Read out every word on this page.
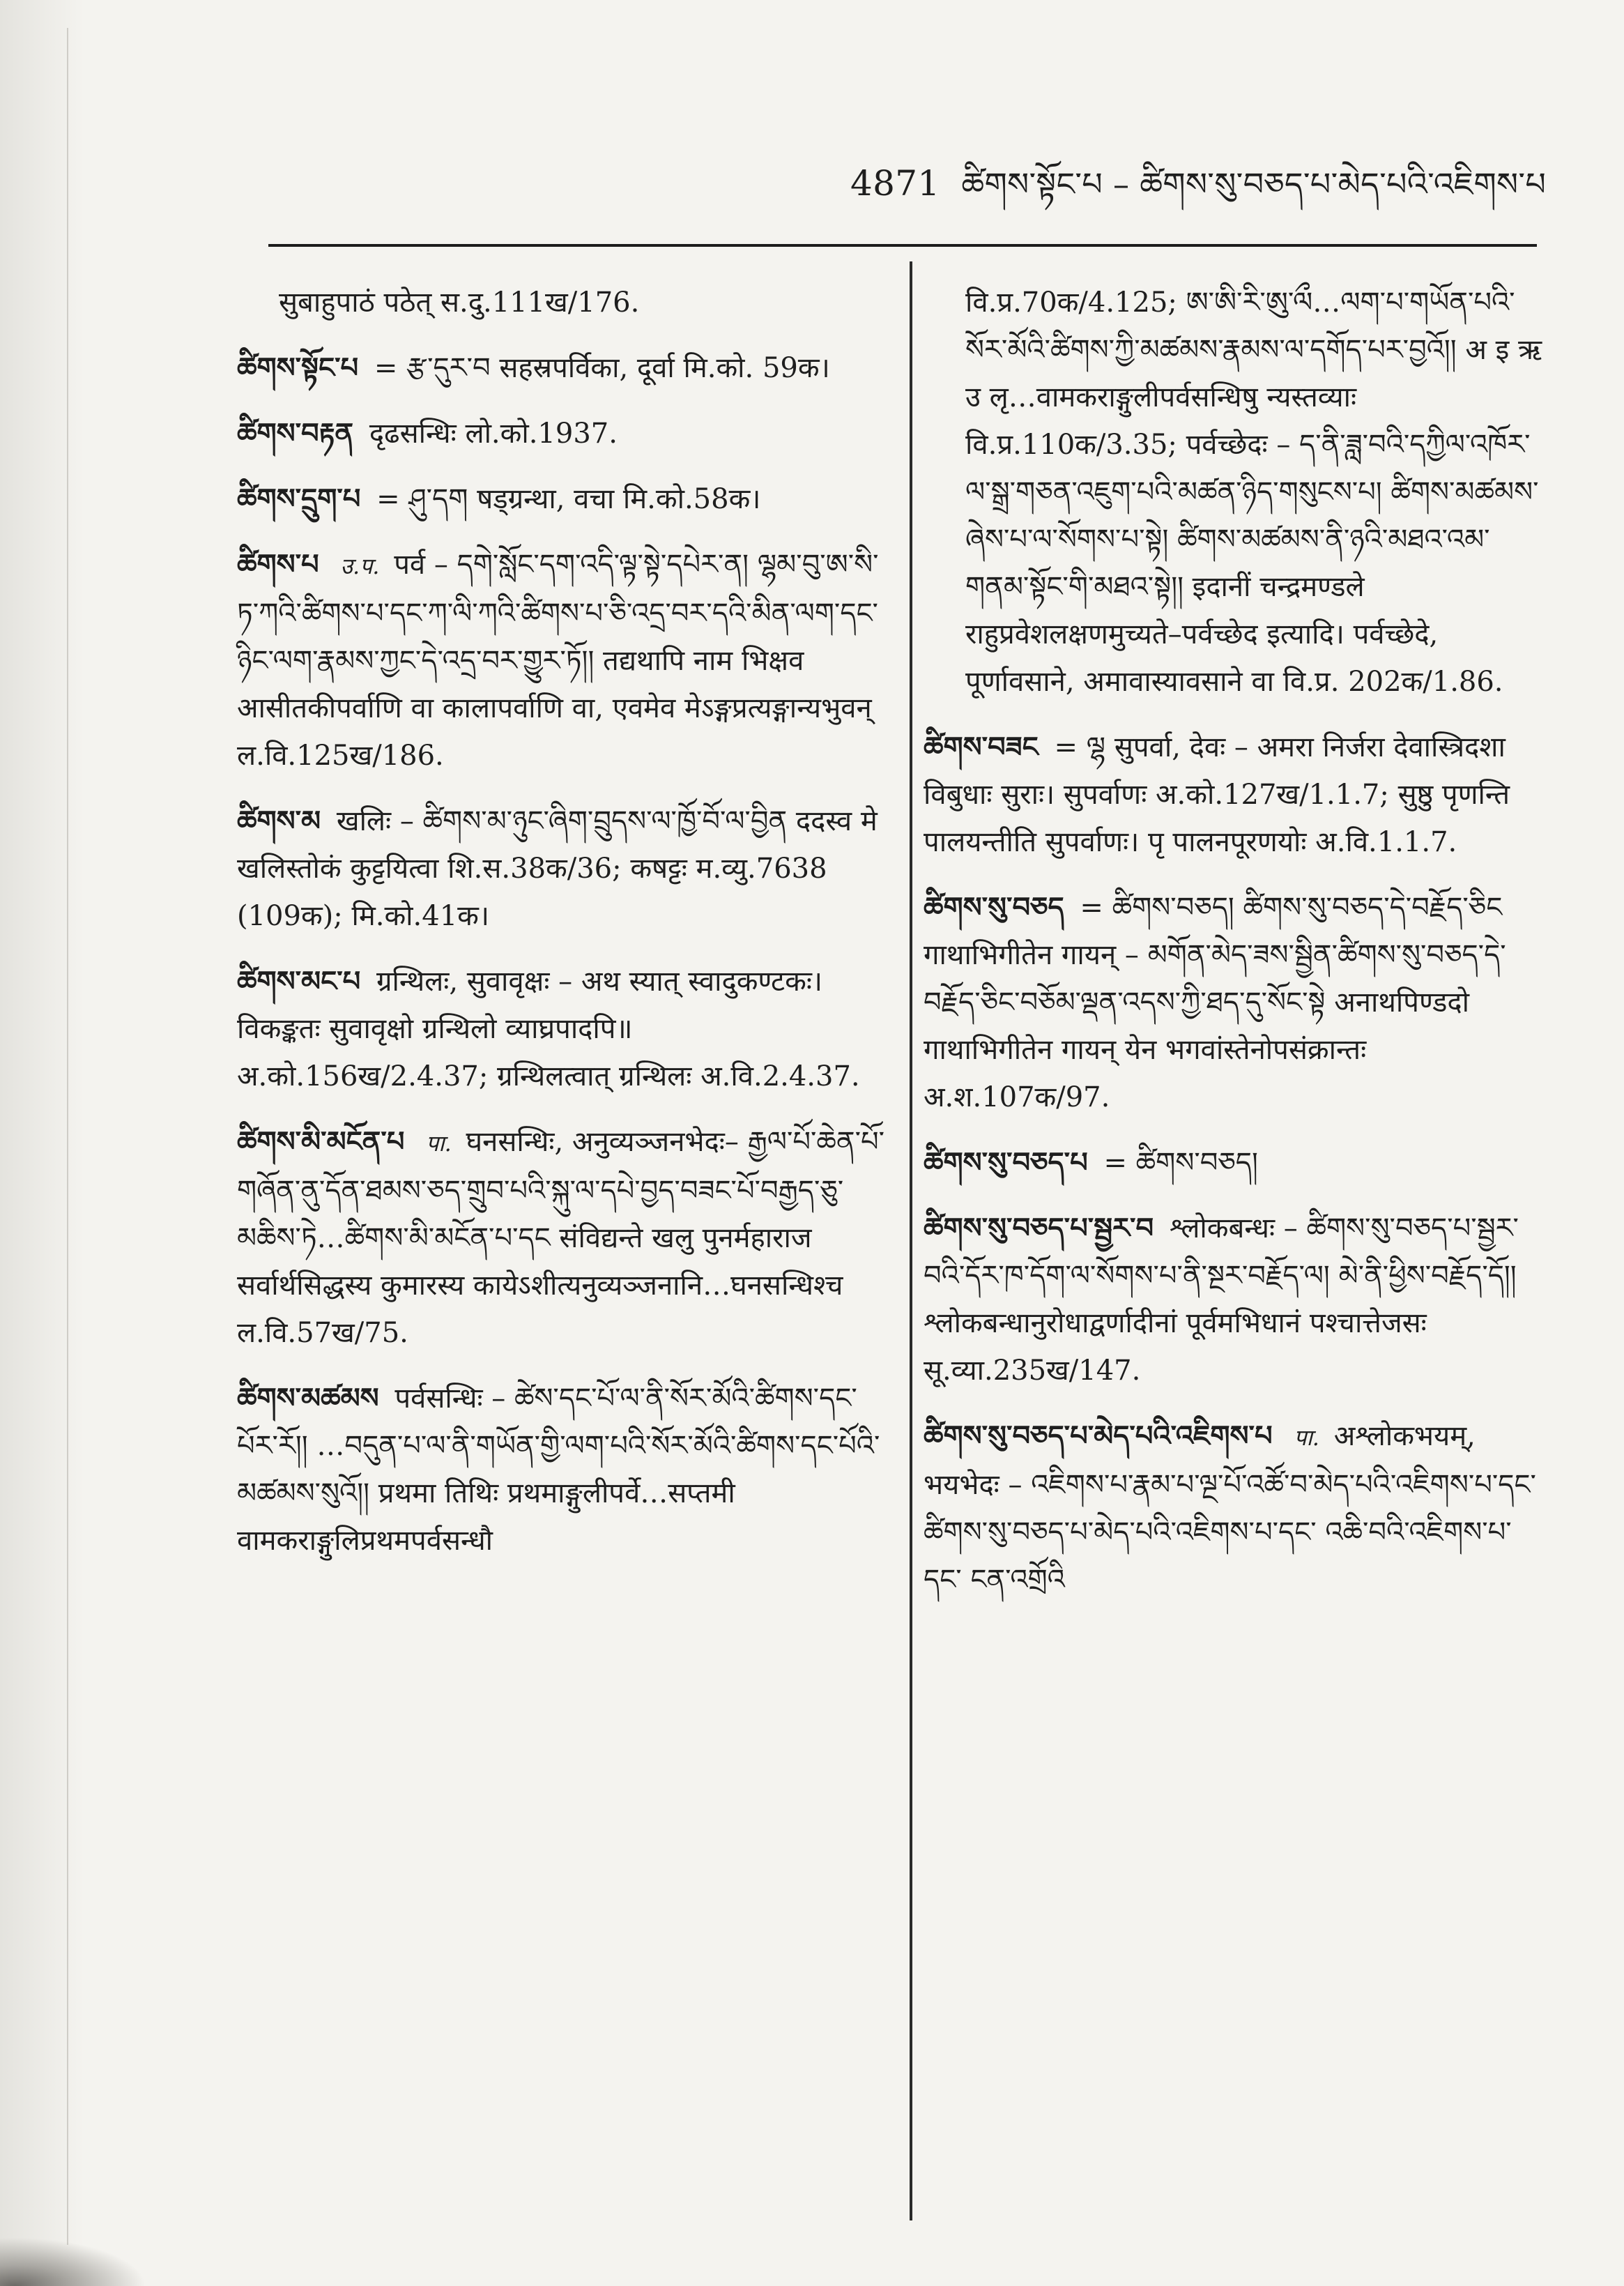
4871 ཚིགས་སྟོང་པ – ཚིགས་སུ་བཅད་པ་མེད་པའི་འཇིགས་པ
सुबाहुपाठं पठेत् स.दु.111ख/176.
ཚིགས་སྟོང་པ = རྩ་དུར་བ सहस्रपर्विका, दूर्वा मि.को. 59क।
ཚིགས་བརྟན दृढसन्धिः लो.को.1937.
ཚིགས་དྲུག་པ = ཤུ་དག षड्ग्रन्था, वचा मि.को.58क।
ཚིགས་པ उ.प. पर्व – དགེ་སློང་དག་འདི་ལྟ་སྟེ་དཔེར་ན། ལྷམ་བུ་ཨ་སི་ཏ་ཀའི་ཚིགས་པ་དང་ཀ་ལི་ཀའི་ཚིགས་པ་ཅི་འདྲ་བར་དའི་མིན་ལག་དང་ཉིང་ལག་རྣམས་ཀྱང་དེ་འདྲ་བར་གྱུར་ཏོ།། तद्यथापि नाम भिक्षव आसीतकीपर्वाणि वा कालापर्वाणि वा, एवमेव मेऽङ्गप्रत्यङ्गान्यभुवन् ल.वि.125ख/186.
ཚིགས་མ खलिः – ཚིགས་མ་ཉུང་ཞིག་བྲུདས་ལ་ཁྱོ་བོ་ལ་བྱིན ददस्व मे खलिस्तोकं कुट्टयित्वा शि.स.38क/36; कषट्टः म.व्यु.7638 (109क); मि.को.41क।
ཚིགས་མང་པ ग्रन्थिलः, सुवावृक्षः – अथ स्यात् स्वादुकण्टकः। विकङ्कतः सुवावृक्षो ग्रन्थिलो व्याघ्रपादपि॥ अ.को.156ख/2.4.37; ग्रन्थिलत्वात् ग्रन्थिलः अ.वि.2.4.37.
ཚིགས་མི་མངོན་པ पा. घनसन्धिः, अनुव्यञ्जनभेदः– རྒྱལ་པོ་ཆེན་པོ་གཞོན་ནུ་དོན་ཐམས་ཅད་གྲུབ་པའི་སྐུ་ལ་དཔེ་བྱད་བཟང་པོ་བརྒྱད་ཅུ་མཆིས་ཏེ…ཚིགས་མི་མངོན་པ་དང संविद्यन्ते खलु पुनर्महाराज सर्वार्थसिद्धस्य कुमारस्य कायेऽशीत्यनुव्यञ्जनानि…घनसन्धिश्च ल.वि.57ख/75.
ཚིགས་མཚམས पर्वसन्धिः – ཚེས་དང་པོ་ལ་ནི་སོར་མོའི་ཚིགས་དང་པོར་རོ།། …བདུན་པ་ལ་ནི་གཡོན་གྱི་ལག་པའི་སོར་མོའི་ཚིགས་དང་པོའི་མཚམས་སུའོ།། प्रथमा तिथिः प्रथमाङ्गुलीपर्वे…सप्तमी वामकराङ्गुलिप्रथमपर्वसन्धौ
वि.प्र.70क/4.125; ཨ་ཨི་ཪི་ཨུ་ལྀ…ལག་པ་གཡོན་པའི་སོར་མོའི་ཚིགས་ཀྱི་མཚམས་རྣམས་ལ་དགོད་པར་བྱའོ།། अ इ ऋ उ लृ…वामकराङ्गुलीपर्वसन्धिषु न्यस्तव्याः वि.प्र.110क/3.35; पर्वच्छेदः – ད་ནི་ཟླ་བའི་དཀྱིལ་འཁོར་ལ་སྒྲ་གཅན་འཇུག་པའི་མཚན་ཉིད་གསུངས་པ། ཚིགས་མཚམས་ཞེས་པ་ལ་སོགས་པ་སྟེ། ཚིགས་མཚམས་ནི་ཉའི་མཐའ་འམ་གནམ་སྟོང་གི་མཐའ་སྟེ།། इदानीं चन्द्रमण्डले राहुप्रवेशलक्षणमुच्यते–पर्वच्छेद इत्यादि। पर्वच्छेदे, पूर्णावसाने, अमावास्यावसाने वा वि.प्र. 202क/1.86.
ཚིགས་བཟང = ལྷ सुपर्वा, देवः – अमरा निर्जरा देवास्त्रिदशा विबुधाः सुराः। सुपर्वाणः अ.को.127ख/1.1.7; सुष्ठु पृणन्ति पालयन्तीति सुपर्वाणः। पृ पालनपूरणयोः अ.वि.1.1.7.
ཚིགས་སུ་བཅད = ཚིགས་བཅད། ཚིགས་སུ་བཅད་དེ་བརྗོད་ཅིང गाथाभिगीतेन गायन् – མགོན་མེད་ཟས་སྦྱིན་ཚིགས་སུ་བཅད་དེ་བརྗོད་ཅིང་བཅོམ་ལྡན་འདས་ཀྱི་ཐད་དུ་སོང་སྟེ अनाथपिण्डदो गाथाभिगीतेन गायन् येन भगवांस्तेनोपसंक्रान्तः अ.श.107क/97.
ཚིགས་སུ་བཅད་པ = ཚིགས་བཅད།
ཚིགས་སུ་བཅད་པ་སྦྱར་བ श्लोकबन्धः – ཚིགས་སུ་བཅད་པ་སྦྱར་བའི་དོར་ཁ་དོག་ལ་སོགས་པ་ནི་སྔར་བརྗོད་ལ། མེ་ནི་ཕྱིས་བརྗོད་དོ།། श्लोकबन्धानुरोधाद्वर्णादीनां पूर्वमभिधानं पश्चात्तेजसः सू.व्या.235ख/147.
ཚིགས་སུ་བཅད་པ་མེད་པའི་འཇིགས་པ पा. अश्लोकभयम्, भयभेदः – འཇིགས་པ་རྣམ་པ་ལྔ་པོ་འཚོ་བ་མེད་པའི་འཇིགས་པ་དང་ཚིགས་སུ་བཅད་པ་མེད་པའི་འཇིགས་པ་དང་ འཆི་བའི་འཇིགས་པ་དང་ ངན་འགྲོའི
